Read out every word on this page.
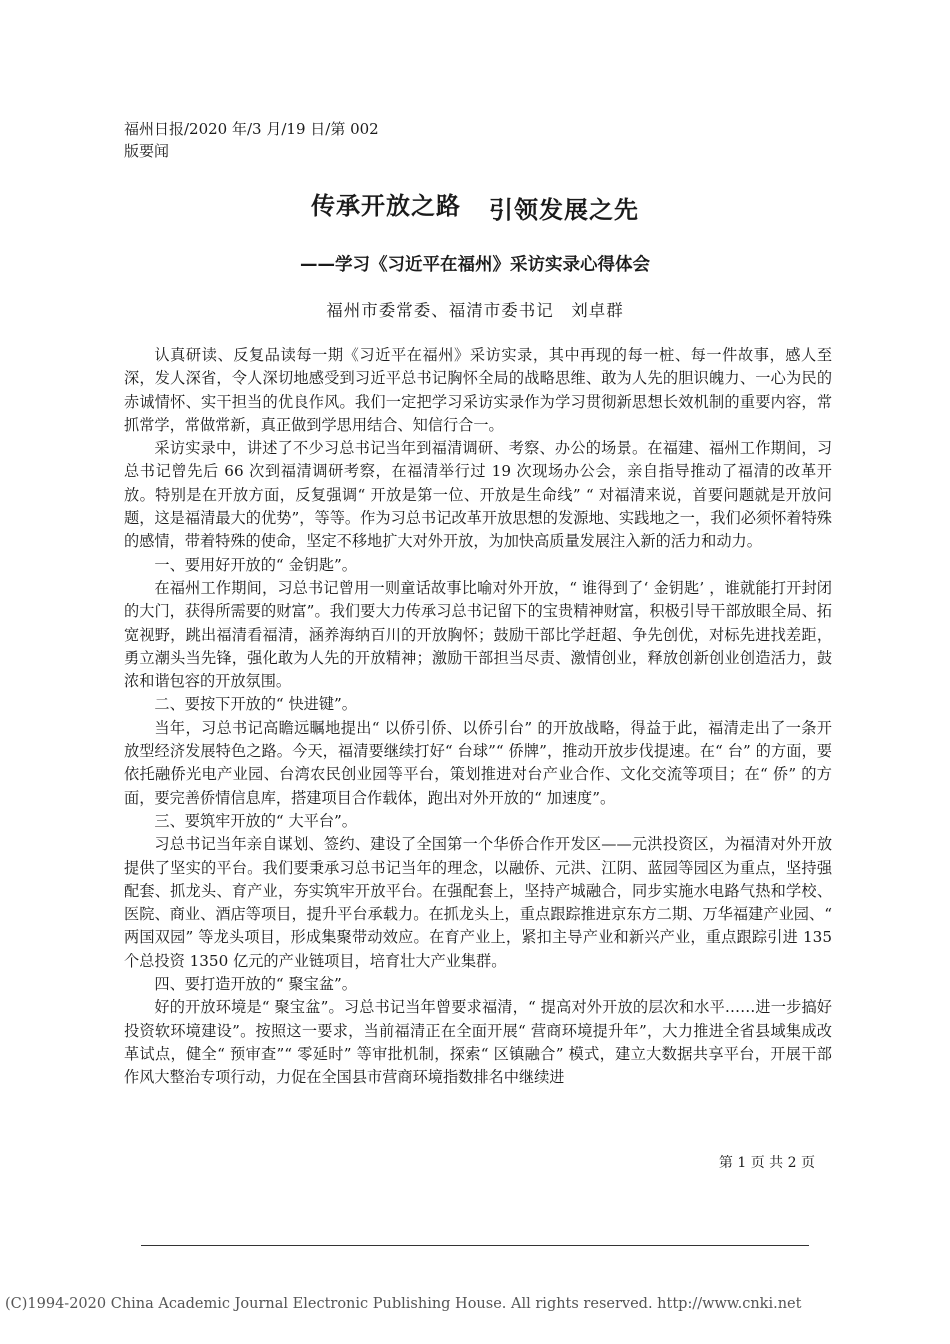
福州日报/2020 年/3 月/19 日/第 002
版要闻
传承开放之路 引领发展之先
——学习《习近平在福州》采访实录心得体会
福州市委常委、福清市委书记　刘卓群

认真研读、反复品读每一期《习近平在福州》采访实录，其中再现的每一桩、每一件故事，感人至深，发人深省，令人深切地感受到习近平总书记胸怀全局的战略思维、敢为人先的胆识魄力、一心为民的赤诚情怀、实干担当的优良作风。我们一定把学习采访实录作为学习贯彻新思想长效机制的重要内容，常抓常学，常做常新，真正做到学思用结合、知信行合一。

采访实录中，讲述了不少习总书记当年到福清调研、考察、办公的场景。在福建、福州工作期间，习总书记曾先后 66 次到福清调研考察，在福清举行过 19 次现场办公会，亲自指导推动了福清的改革开放。特别是在开放方面，反复强调“ 开放是第一位、开放是生命线” “ 对福清来说，首要问题就是开放问题，这是福清最大的优势”，等等。作为习总书记改革开放思想的发源地、实践地之一，我们必须怀着特殊的感情，带着特殊的使命，坚定不移地扩大对外开放，为加快高质量发展注入新的活力和动力。

一、要用好开放的“ 金钥匙”。

在福州工作期间，习总书记曾用一则童话故事比喻对外开放，“ 谁得到了‘ 金钥匙’ ，谁就能打开封闭的大门，获得所需要的财富”。我们要大力传承习总书记留下的宝贵精神财富，积极引导干部放眼全局、拓宽视野，跳出福清看福清，涵养海纳百川的开放胸怀；鼓励干部比学赶超、争先创优，对标先进找差距，勇立潮头当先锋，强化敢为人先的开放精神；激励干部担当尽责、激情创业，释放创新创业创造活力，鼓浓和谐包容的开放氛围。

二、要按下开放的“ 快进键”。

当年，习总书记高瞻远瞩地提出“ 以侨引侨、以侨引台” 的开放战略，得益于此，福清走出了一条开放型经济发展特色之路。今天，福清要继续打好“ 台球”“ 侨牌”，推动开放步伐提速。在“ 台” 的方面，要依托融侨光电产业园、台湾农民创业园等平台，策划推进对台产业合作、文化交流等项目；在“ 侨” 的方面，要完善侨情信息库，搭建项目合作载体，跑出对外开放的“ 加速度”。

三、要筑牢开放的“ 大平台”。

习总书记当年亲自谋划、签约、建设了全国第一个华侨合作开发区——元洪投资区，为福清对外开放提供了坚实的平台。我们要秉承习总书记当年的理念，以融侨、元洪、江阴、蓝园等园区为重点，坚持强配套、抓龙头、育产业，夯实筑牢开放平台。在强配套上，坚持产城融合，同步实施水电路气热和学校、医院、商业、酒店等项目，提升平台承载力。在抓龙头上，重点跟踪推进京东方二期、万华福建产业园、“ 两国双园” 等龙头项目，形成集聚带动效应。在育产业上，紧扣主导产业和新兴产业，重点跟踪引进 135 个总投资 1350 亿元的产业链项目，培育壮大产业集群。

四、要打造开放的“ 聚宝盆”。

好的开放环境是“ 聚宝盆”。习总书记当年曾要求福清，“ 提高对外开放的层次和水平……进一步搞好投资软环境建设”。按照这一要求，当前福清正在全面开展“ 营商环境提升年”，大力推进全省县域集成改革试点，健全“ 预审查”“ 零延时” 等审批机制，探索“ 区镇融合” 模式，建立大数据共享平台，开展干部作风大整治专项行动，力促在全国县市营商环境指数排名中继续进

第 1 页 共 2 页
(C)1994-2020 China Academic Journal Electronic Publishing House. All rights reserved. http://www.cnki.net
